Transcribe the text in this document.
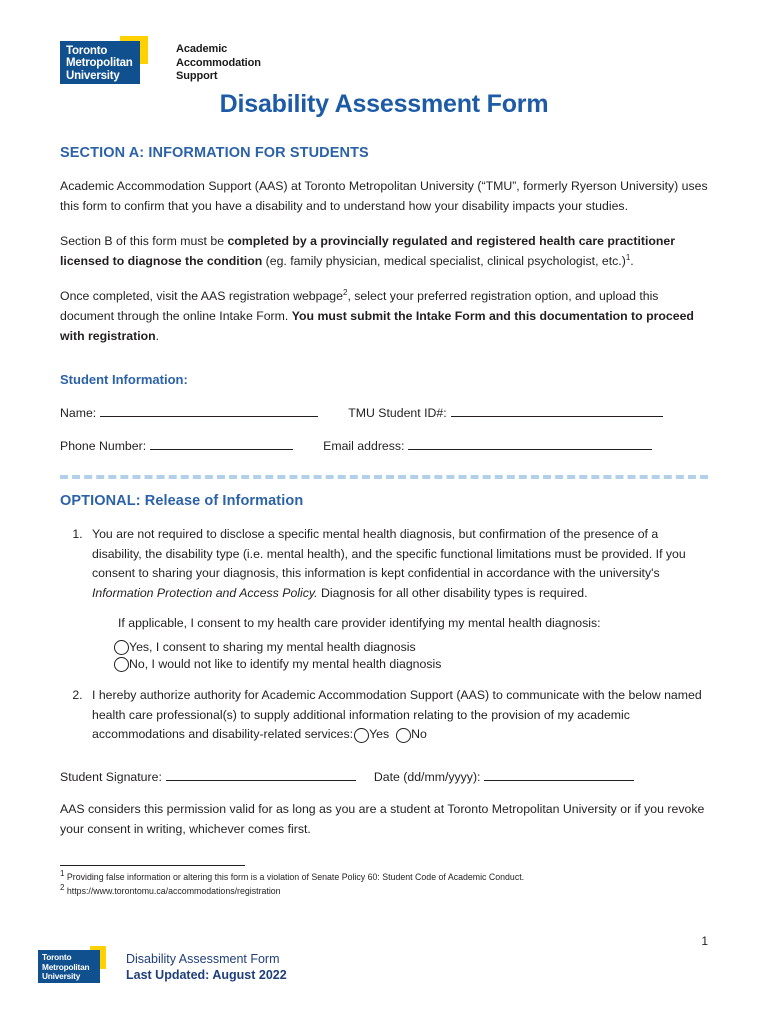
Toronto
Metropolitan
University
Academic
Accommodation
Support
Disability Assessment Form
SECTION A: INFORMATION FOR STUDENTS

Academic Accommodation Support (AAS) at Toronto Metropolitan University (“TMU”, formerly Ryerson University) uses this form to confirm that you have a disability and to understand how your disability impacts your studies.

Section B of this form must be completed by a provincially regulated and registered health care practitioner licensed to diagnose the condition (eg. family physician, medical specialist, clinical psychologist, etc.)$^1$.

Once completed, visit the AAS registration webpage$^2$, select your preferred registration option, and upload this document through the online Intake Form. You must submit the Intake Form and this documentation to proceed with registration.

Student Information:
Name:	TMU Student ID#:
Phone Number:	Email address:
OPTIONAL: Release of Information
1. You are not required to disclose a specific mental health diagnosis, but confirmation of the presence of a disability, the disability type (i.e. mental health), and the specific functional limitations must be provided. If you consent to sharing your diagnosis, this information is kept confidential in accordance with the university's Information Protection and Access Policy. Diagnosis for all other disability types is required.
If applicable, I consent to my health care provider identifying my mental health diagnosis:
Yes, I consent to sharing my mental health diagnosis
No, I would not like to identify my mental health diagnosis
2. I hereby authorize authority for Academic Accommodation Support (AAS) to communicate with the below named health care professional(s) to supply additional information relating to the provision of my academic accommodations and disability-related services: Yes No
Student Signature:	Date (dd/mm/yyyy):

AAS considers this permission valid for as long as you are a student at Toronto Metropolitan University or if you revoke your consent in writing, whichever comes first.

$^1$ Providing false information or altering this form is a violation of Senate Policy 60: Student Code of Academic Conduct.
$^2$ https://www.torontomu.ca/accommodations/registration
1
Toronto
Metropolitan
University
Disability Assessment Form
Last Updated: August 2022
